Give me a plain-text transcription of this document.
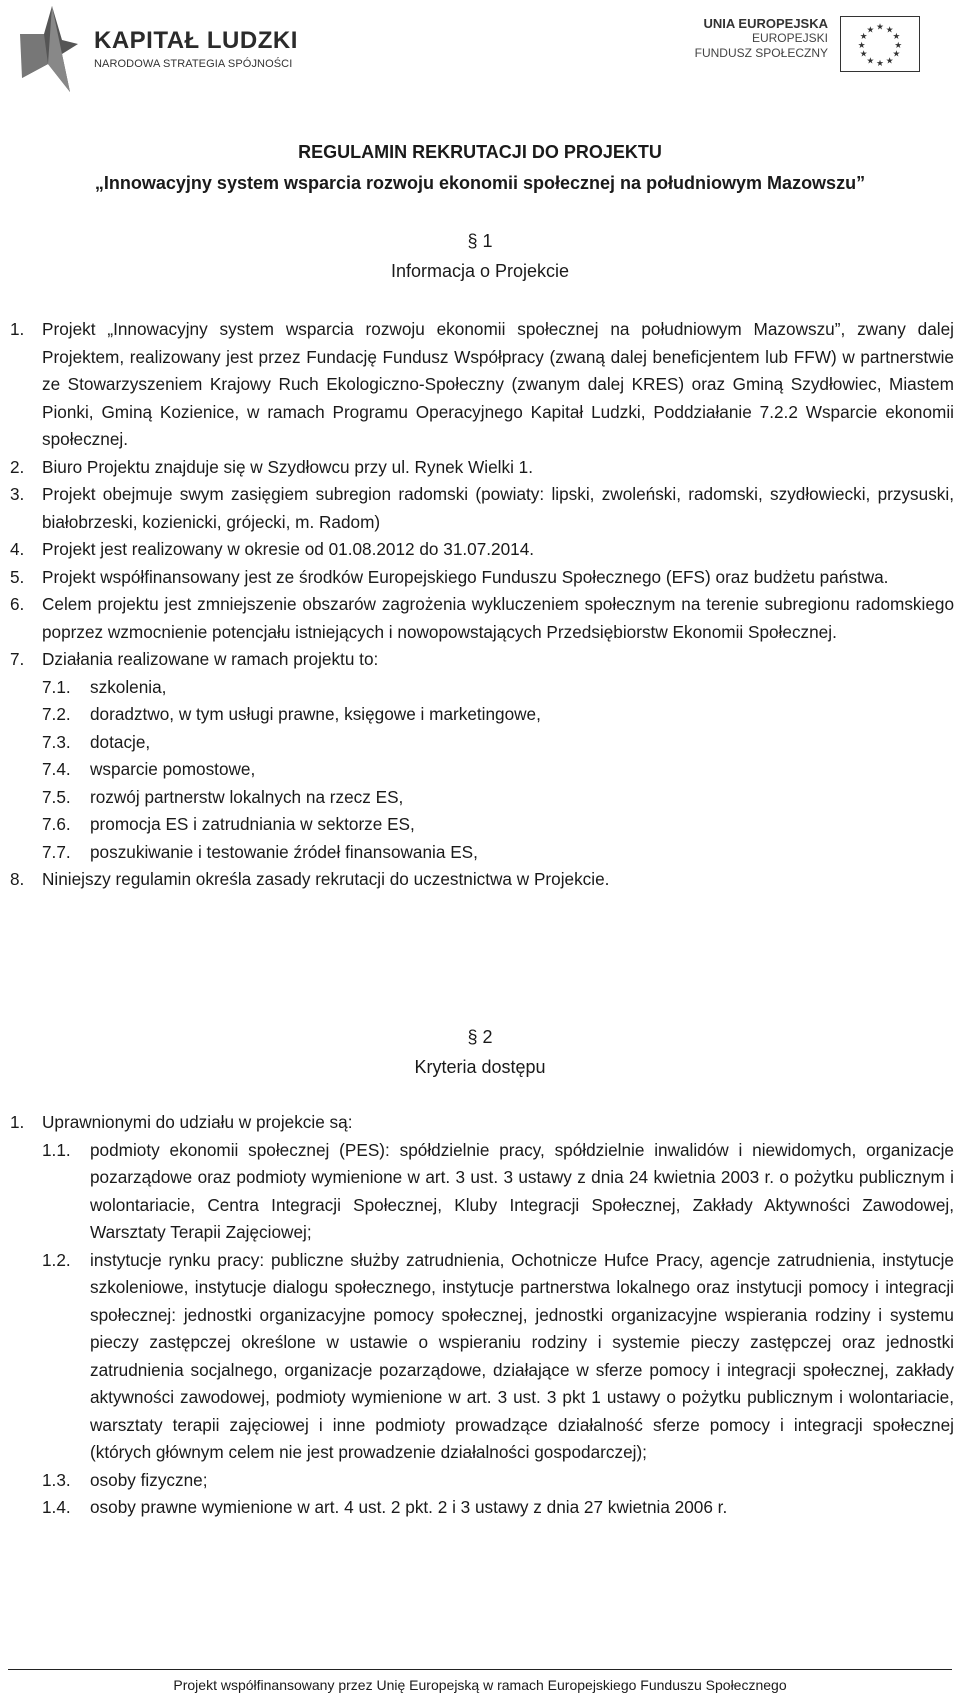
KAPITAŁ LUDZKI
NARODOWA STRATEGIA SPÓJNOŚCI
UNIA EUROPEJSKA
EUROPEJSKI
FUNDUSZ SPOŁECZNY
★ ★
★
★
★
★
★
★
★
★
★
★
REGULAMIN REKRUTACJI DO PROJEKTU
„Innowacyjny system wsparcia rozwoju ekonomii społecznej na południowym Mazowszu”
§ 1
Informacja o Projekcie
1.	Projekt „Innowacyjny system wsparcia rozwoju ekonomii społecznej na południowym Mazowszu”, zwany dalej Projektem, realizowany jest przez Fundację Fundusz Współpracy (zwaną dalej beneficjentem lub FFW) w partnerstwie ze Stowarzyszeniem Krajowy Ruch Ekologiczno-Społeczny (zwanym dalej KRES) oraz Gminą Szydłowiec, Miastem Pionki, Gminą Kozienice, w ramach Programu Operacyjnego Kapitał Ludzki, Poddziałanie 7.2.2 Wsparcie ekonomii społecznej.
2.	Biuro Projektu znajduje się w Szydłowcu przy ul. Rynek Wielki 1.
3.	Projekt obejmuje swym zasięgiem subregion radomski (powiaty: lipski, zwoleński, radomski, szydłowiecki, przysuski, białobrzeski, kozienicki, grójecki, m. Radom)
4.	Projekt jest realizowany w okresie od 01.08.2012 do 31.07.2014.
5.	Projekt współfinansowany jest ze środków Europejskiego Funduszu Społecznego (EFS) oraz budżetu państwa.
6.	Celem projektu jest zmniejszenie obszarów zagrożenia wykluczeniem społecznym na terenie subregionu radomskiego poprzez wzmocnienie potencjału istniejących i nowopowstających Przedsiębiorstw Ekonomii Społecznej.
7.	Działania realizowane w ramach projektu to:
7.1.	szkolenia,
7.2.	doradztwo, w tym usługi prawne, księgowe i marketingowe,
7.3.	dotacje,
7.4.	wsparcie pomostowe,
7.5.	rozwój partnerstw lokalnych na rzecz ES,
7.6.	promocja ES i zatrudniania w sektorze ES,
7.7.	poszukiwanie i testowanie źródeł finansowania ES,
8.	Niniejszy regulamin określa zasady rekrutacji do uczestnictwa w Projekcie.
§ 2
Kryteria dostępu
1.	Uprawnionymi do udziału w projekcie są:
1.1.	podmioty ekonomii społecznej (PES): spółdzielnie pracy, spółdzielnie inwalidów i niewidomych, organizacje pozarządowe oraz podmioty wymienione w art. 3 ust. 3 ustawy z dnia 24 kwietnia 2003 r. o pożytku publicznym i wolontariacie, Centra Integracji Społecznej, Kluby Integracji Społecznej, Zakłady Aktywności Zawodowej, Warsztaty Terapii Zajęciowej;
1.2.	instytucje rynku pracy: publiczne służby zatrudnienia, Ochotnicze Hufce Pracy, agencje zatrudnienia, instytucje szkoleniowe, instytucje dialogu społecznego, instytucje partnerstwa lokalnego oraz instytucji pomocy i integracji społecznej: jednostki organizacyjne pomocy społecznej, jednostki organizacyjne wspierania rodziny i systemu pieczy zastępczej określone w ustawie o wspieraniu rodziny i systemie pieczy zastępczej oraz jednostki zatrudnienia socjalnego, organizacje pozarządowe, działające w sferze pomocy i integracji społecznej, zakłady aktywności zawodowej, podmioty wymienione w art. 3 ust. 3 pkt 1 ustawy o pożytku publicznym i wolontariacie, warsztaty terapii zajęciowej i inne podmioty prowadzące działalność sferze pomocy i integracji społecznej (których głównym celem nie jest prowadzenie działalności gospodarczej);
1.3.	osoby fizyczne;
1.4.	osoby prawne wymienione w art. 4 ust. 2 pkt. 2 i 3 ustawy z dnia 27 kwietnia 2006 r.
Projekt współfinansowany przez Unię Europejską w ramach Europejskiego Funduszu Społecznego
